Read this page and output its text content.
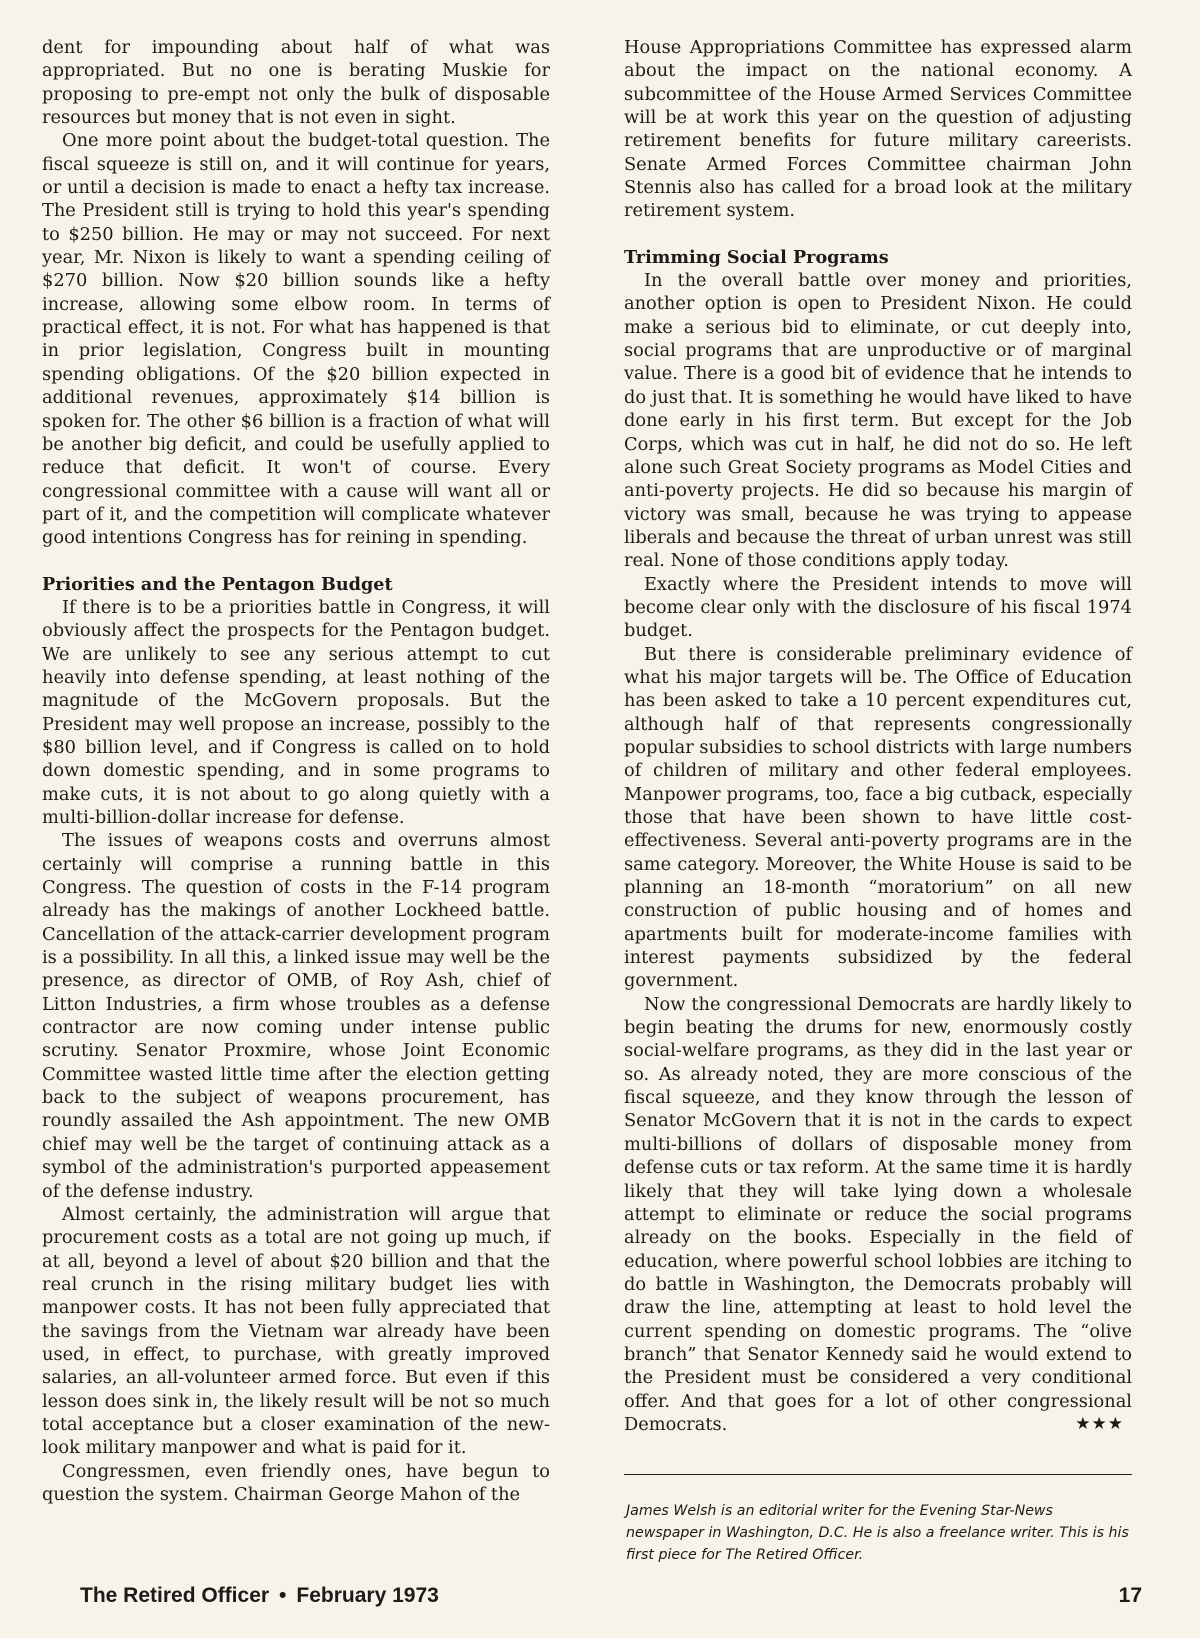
dent for impounding about half of what was appropriated. But no one is berating Muskie for proposing to pre-empt not only the bulk of disposable resources but money that is not even in sight.

One more point about the budget-total question. The fiscal squeeze is still on, and it will continue for years, or until a decision is made to enact a hefty tax increase. The President still is trying to hold this year's spending to $250 billion. He may or may not succeed. For next year, Mr. Nixon is likely to want a spending ceiling of $270 billion. Now $20 billion sounds like a hefty increase, allowing some elbow room. In terms of practical effect, it is not. For what has happened is that in prior legislation, Congress built in mounting spending obligations. Of the $20 billion expected in additional revenues, approximately $14 billion is spoken for. The other $6 billion is a fraction of what will be another big deficit, and could be usefully applied to reduce that deficit. It won't of course. Every congressional committee with a cause will want all or part of it, and the competition will complicate whatever good intentions Congress has for reining in spending.

Priorities and the Pentagon Budget

If there is to be a priorities battle in Congress, it will obviously affect the prospects for the Pentagon budget. We are unlikely to see any serious attempt to cut heavily into defense spending, at least nothing of the magnitude of the McGovern proposals. But the President may well propose an increase, possibly to the $80 billion level, and if Congress is called on to hold down domestic spending, and in some programs to make cuts, it is not about to go along quietly with a multi-billion-dollar increase for defense.

The issues of weapons costs and overruns almost certainly will comprise a running battle in this Congress. The question of costs in the F-14 program already has the makings of another Lockheed battle. Cancellation of the attack-carrier development program is a possibility. In all this, a linked issue may well be the presence, as director of OMB, of Roy Ash, chief of Litton Industries, a firm whose troubles as a defense contractor are now coming under intense public scrutiny. Senator Proxmire, whose Joint Economic Committee wasted little time after the election getting back to the subject of weapons procurement, has roundly assailed the Ash appointment. The new OMB chief may well be the target of continuing attack as a symbol of the administration's purported appeasement of the defense industry.

Almost certainly, the administration will argue that procurement costs as a total are not going up much, if at all, beyond a level of about $20 billion and that the real crunch in the rising military budget lies with manpower costs. It has not been fully appreciated that the savings from the Vietnam war already have been used, in effect, to purchase, with greatly improved salaries, an all-volunteer armed force. But even if this lesson does sink in, the likely result will be not so much total acceptance but a closer examination of the new-look military manpower and what is paid for it.

Congressmen, even friendly ones, have begun to question the system. Chairman George Mahon of the

House Appropriations Committee has expressed alarm about the impact on the national economy. A subcommittee of the House Armed Services Committee will be at work this year on the question of adjusting retirement benefits for future military careerists. Senate Armed Forces Committee chairman John Stennis also has called for a broad look at the military retirement system.

Trimming Social Programs

In the overall battle over money and priorities, another option is open to President Nixon. He could make a serious bid to eliminate, or cut deeply into, social programs that are unproductive or of marginal value. There is a good bit of evidence that he intends to do just that. It is something he would have liked to have done early in his first term. But except for the Job Corps, which was cut in half, he did not do so. He left alone such Great Society programs as Model Cities and anti-poverty projects. He did so because his margin of victory was small, because he was trying to appease liberals and because the threat of urban unrest was still real. None of those conditions apply today.

Exactly where the President intends to move will become clear only with the disclosure of his fiscal 1974 budget.

But there is considerable preliminary evidence of what his major targets will be. The Office of Education has been asked to take a 10 percent expenditures cut, although half of that represents congressionally popular subsidies to school districts with large numbers of children of military and other federal employees. Manpower programs, too, face a big cutback, especially those that have been shown to have little cost-effectiveness. Several anti-poverty programs are in the same category. Moreover, the White House is said to be planning an 18-month “moratorium” on all new construction of public housing and of homes and apartments built for moderate-income families with interest payments subsidized by the federal government.

Now the congressional Democrats are hardly likely to begin beating the drums for new, enormously costly social-welfare programs, as they did in the last year or so. As already noted, they are more conscious of the fiscal squeeze, and they know through the lesson of Senator McGovern that it is not in the cards to expect multi-billions of dollars of disposable money from defense cuts or tax reform. At the same time it is hardly likely that they will take lying down a wholesale attempt to eliminate or reduce the social programs already on the books. Especially in the field of education, where powerful school lobbies are itching to do battle in Washington, the Democrats probably will draw the line, attempting at least to hold level the current spending on domestic programs. The “olive branch” that Senator Kennedy said he would extend to the President must be considered a very conditional offer. And that goes for a lot of other congressional Democrats.	★★★

James Welsh is an editorial writer for the Evening Star-News newspaper in Washington, D.C. He is also a freelance writer. This is his first piece for The Retired Officer.
The Retired Officer • February 1973	17
